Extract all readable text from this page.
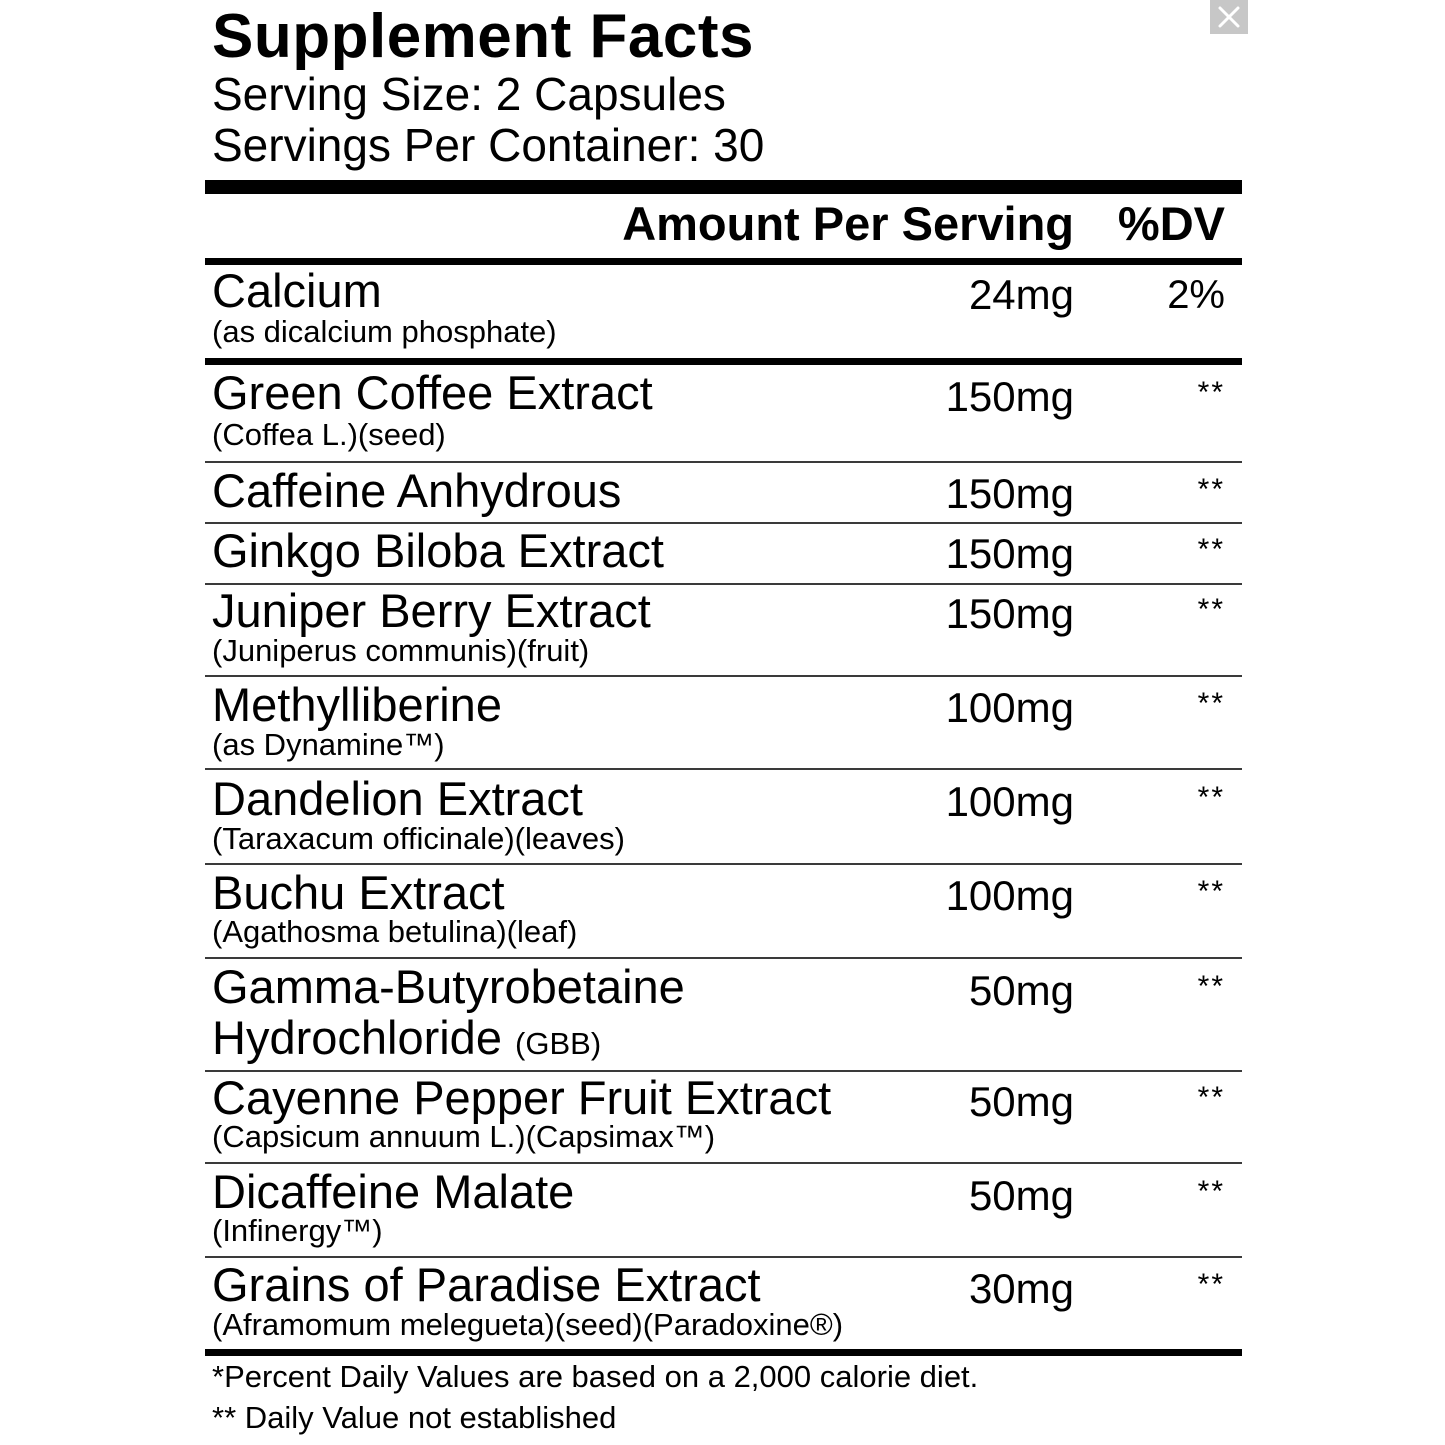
Supplement Facts
Serving Size: 2 Capsules
Servings Per Container: 30
Amount Per Serving %DV
Calcium
(as dicalcium phosphate)
24mg 2%
Green Coffee Extract
(Coffea L.)(seed)
150mg	**
Caffeine Anhydrous	150mg	**
Ginkgo Biloba Extract	150mg	**
Juniper Berry Extract
(Juniperus communis)(fruit)
150mg	**
Methylliberine
(as Dynamine™)
100mg	**
Dandelion Extract
(Taraxacum officinale)(leaves)
100mg	**
Buchu Extract
(Agathosma betulina)(leaf)
100mg	**
Gamma-Butyrobetaine
Hydrochloride (GBB)
50mg	**
Cayenne Pepper Fruit Extract
(Capsicum annuum L.)(Capsimax™)
50mg	**
Dicaffeine Malate
(Infinergy™)
50mg	**
Grains of Paradise Extract
(Aframomum melegueta)(seed)(Paradoxine®)
30mg	**
*Percent Daily Values are based on a 2,000 calorie diet.
** Daily Value not established
